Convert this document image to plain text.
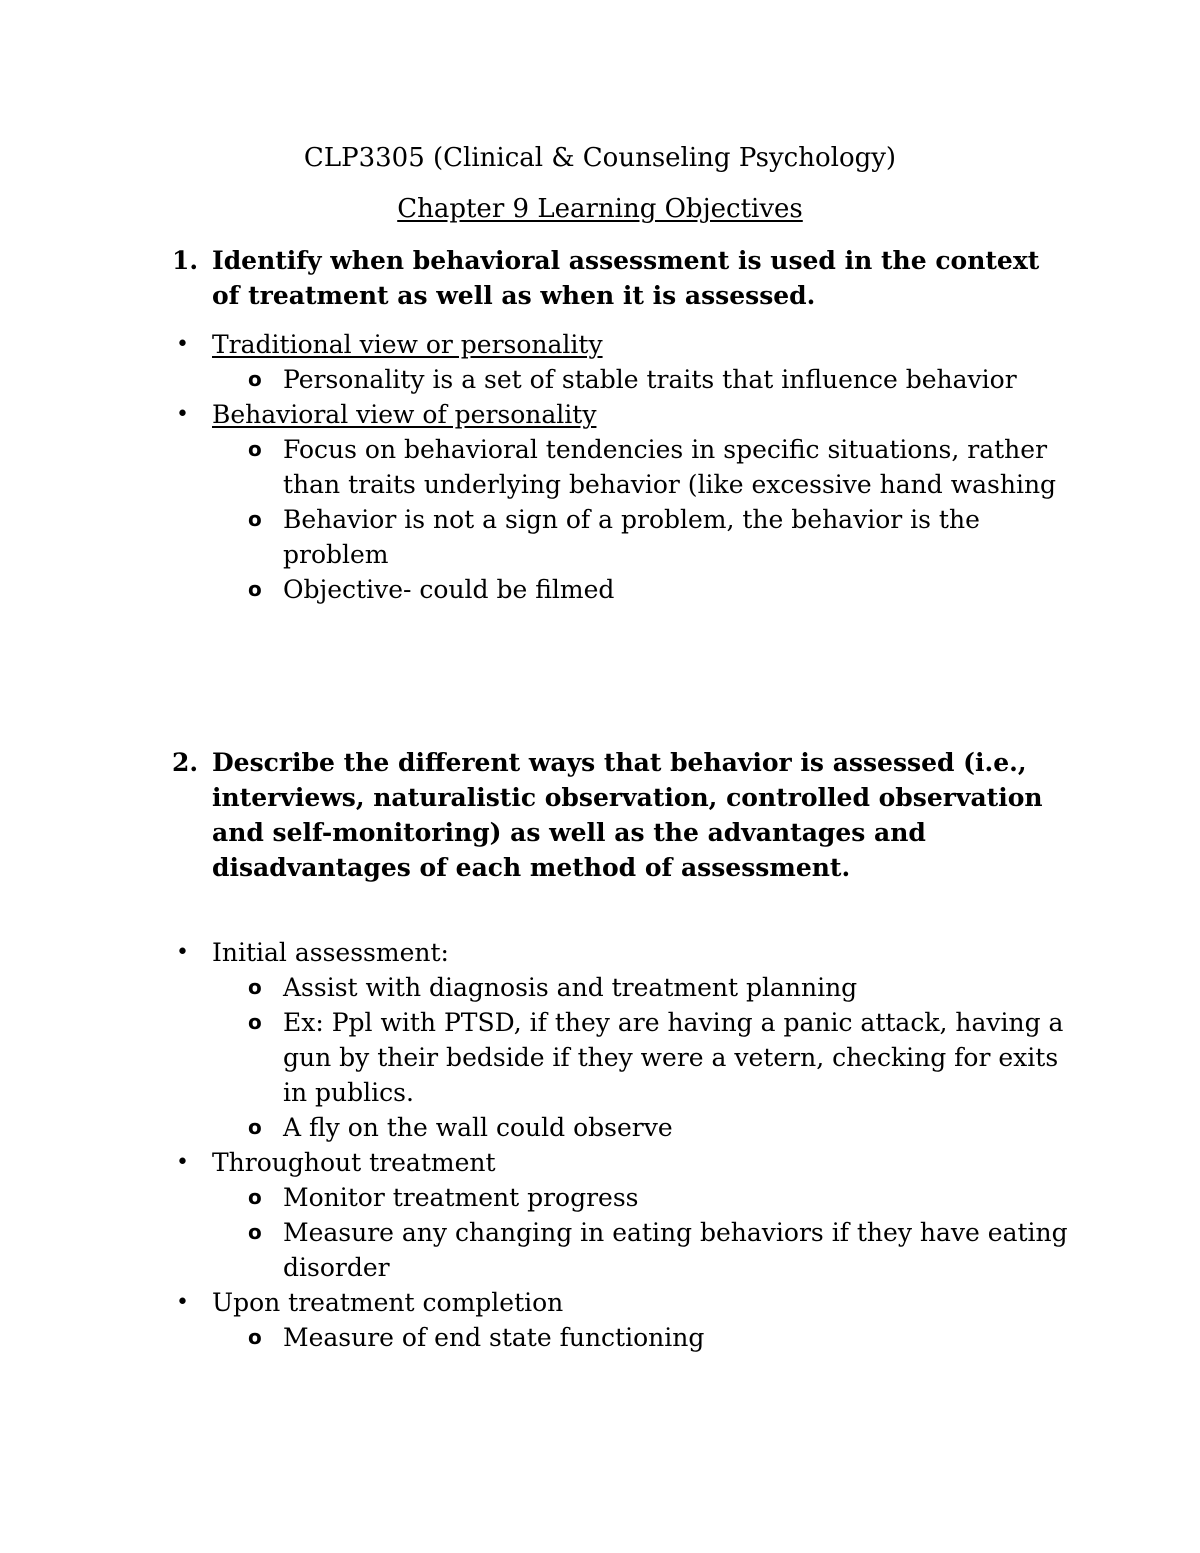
CLP3305 (Clinical & Counseling Psychology)
Chapter 9 Learning Objectives
1. Identify when behavioral assessment is used in the context of treatment as well as when it is assessed.
• Traditional view or personality
o Personality is a set of stable traits that influence behavior
• Behavioral view of personality
o Focus on behavioral tendencies in specific situations, rather than traits underlying behavior (like excessive hand washing
o Behavior is not a sign of a problem, the behavior is the problem
o Objective- could be filmed
2. Describe the different ways that behavior is assessed (i.e., interviews, naturalistic observation, controlled observation and self-monitoring) as well as the advantages and disadvantages of each method of assessment.
• Initial assessment:
o Assist with diagnosis and treatment planning
o Ex: Ppl with PTSD, if they are having a panic attack, having a gun by their bedside if they were a vetern, checking for exits in publics.
o A fly on the wall could observe
• Throughout treatment
o Monitor treatment progress
o Measure any changing in eating behaviors if they have eating disorder
• Upon treatment completion
o Measure of end state functioning
